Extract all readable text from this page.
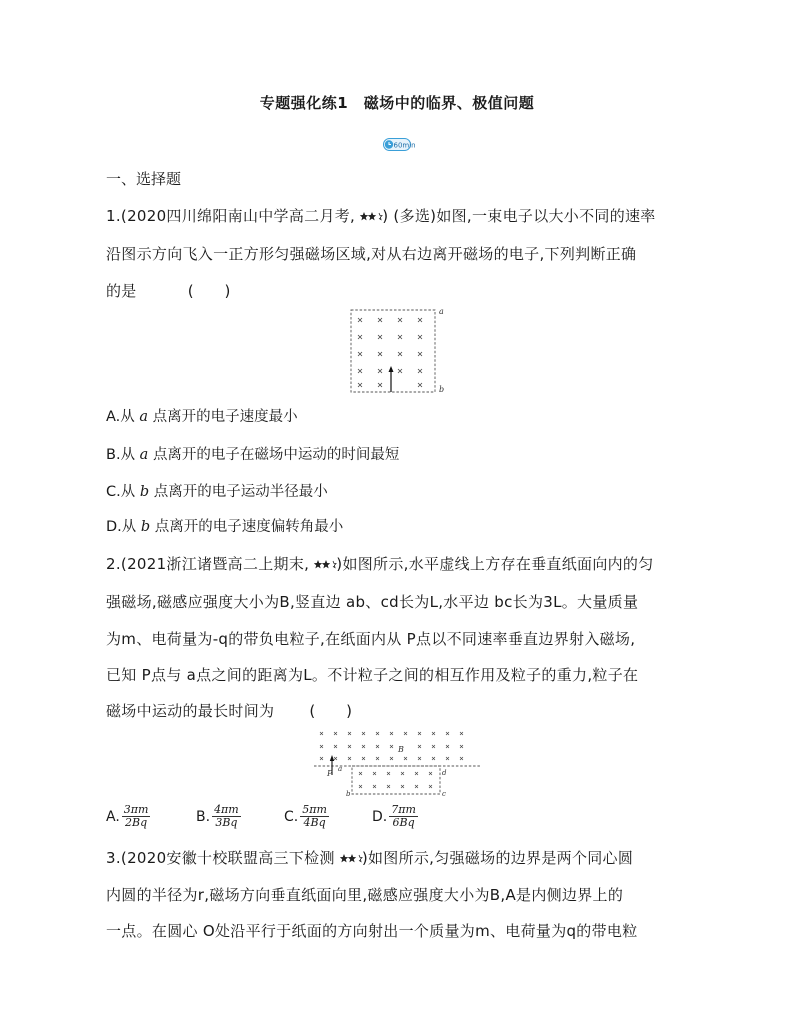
专题强化练1　磁场中的临界、极值问题
60min
一、选择题
1.(2020四川绵阳南山中学高二月考, ) (多选)如图,一束电子以大小不同的速率
沿图示方向飞入一正方形匀强磁场区域,对从右边离开磁场的电子,下列判断正确
的是	(　　)
a
b
A.从 a 点离开的电子速度最小
B.从 a 点离开的电子在磁场中运动的时间最短
C.从 b 点离开的电子运动半径最小
D.从 b 点离开的电子速度偏转角最小
2.(2021浙江诸暨高二上期末, )如图所示,水平虚线上方存在垂直纸面向内的匀
强磁场,磁感应强度大小为B,竖直边 ab、cd长为L,水平边 bc长为3L。大量质量
为m、电荷量为-q的带负电粒子,在纸面内从 P点以不同速率垂直边界射入磁场,
已知 P点与 a点之间的距离为L。不计粒子之间的相互作用及粒子的重力,粒子在
磁场中运动的最长时间为 (　　)
B
P a
b	c
d
A. $\frac{3\pi m}{2Bq}$	B. $\frac{4\pi m}{3Bq}$	C. $\frac{5\pi m}{4Bq}$	D. $\frac{7\pi m}{6Bq}$
3.(2020安徽十校联盟高三下检测 )如图所示,匀强磁场的边界是两个同心圆
内圆的半径为r,磁场方向垂直纸面向里,磁感应强度大小为B,A是内侧边界上的
一点。在圆心 O处沿平行于纸面的方向射出一个质量为m、电荷量为q的带电粒
